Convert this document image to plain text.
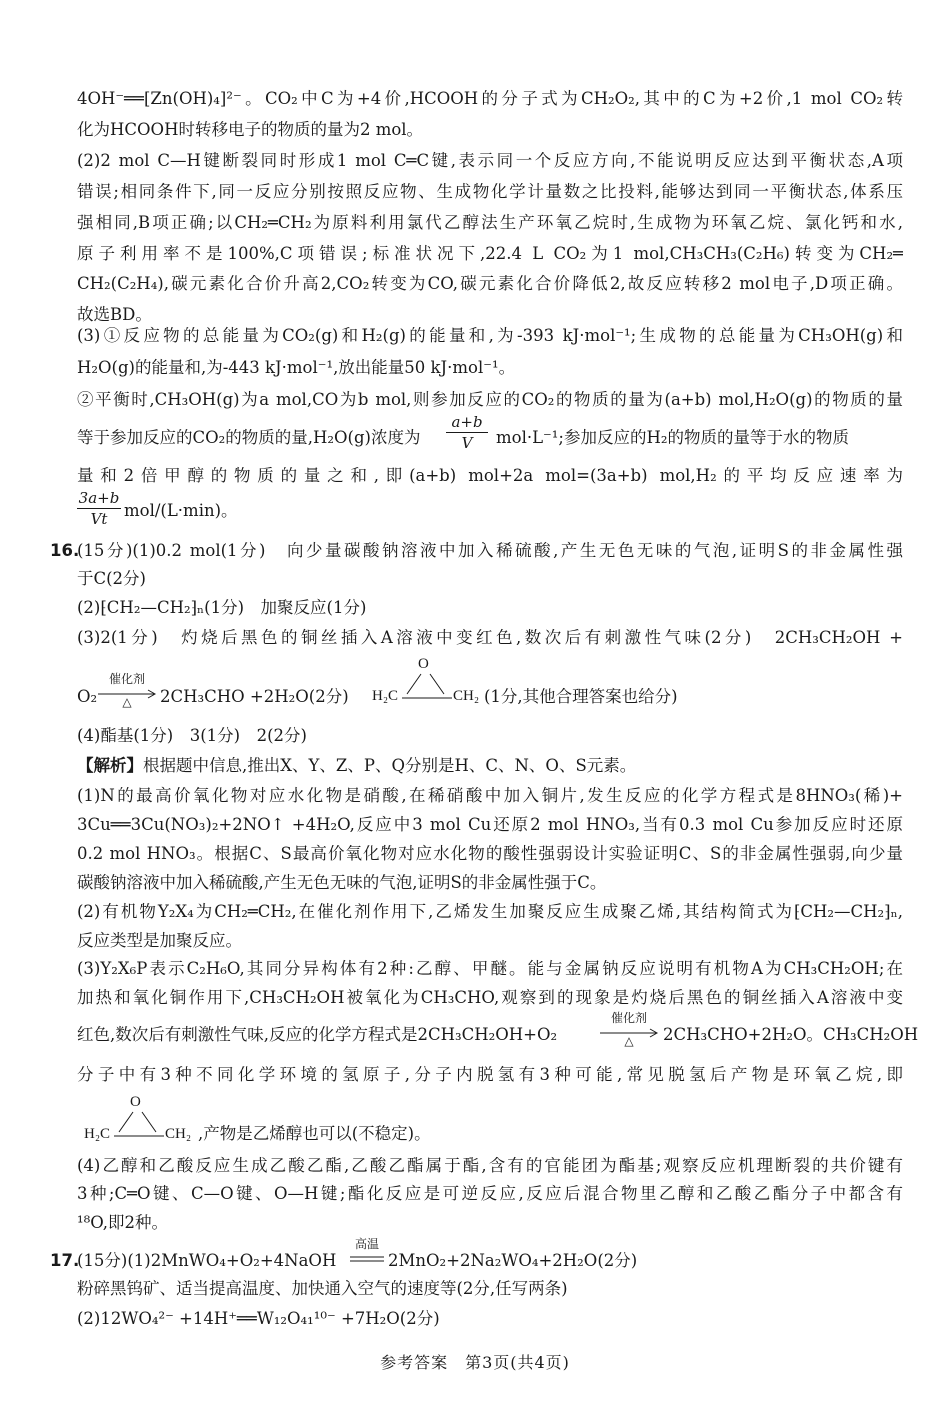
4OH⁻══[Zn(OH)₄]²⁻。CO₂中C为+4价,HCOOH的分子式为CH₂O₂,其中的C为+2价,1 mol CO₂转
化为HCOOH时转移电子的物质的量为2 mol。
(2)2 mol C—H键断裂同时形成1 mol C═C键,表示同一个反应方向,不能说明反应达到平衡状态,A项
错误;相同条件下,同一反应分别按照反应物、生成物化学计量数之比投料,能够达到同一平衡状态,体系压
强相同,B项正确;以CH₂═CH₂为原料利用氯代乙醇法生产环氧乙烷时,生成物为环氧乙烷、氯化钙和水,
原子利用率不是100%,C项错误;标准状况下,22.4 L CO₂为1 mol,CH₃CH₃(C₂H₆)转变为CH₂═
CH₂(C₂H₄),碳元素化合价升高2,CO₂转变为CO,碳元素化合价降低2,故反应转移2 mol电子,D项正确。
故选BD。
(3)①反应物的总能量为CO₂(g)和H₂(g)的能量和,为-393 kJ·mol⁻¹;生成物的总能量为CH₃OH(g)和
H₂O(g)的能量和,为-443 kJ·mol⁻¹,放出能量50 kJ·mol⁻¹。
②平衡时,CH₃OH(g)为a mol,CO为b mol,则参加反应的CO₂的物质的量为(a+b) mol,H₂O(g)的物质的量
等于参加反应的CO₂的物质的量,H₂O(g)浓度为	$\frac{a+b}{V} mol\cdot L^{-1}$;参加反应的H₂的物质的量等于水的物质
量和2倍甲醇的物质的量之和,即(a+b) mol+2a mol=(3a+b) mol,H₂的平均反应速率为
$\frac{3a+b}{Vt} mol/(L\cdot\min)$。
16.
(15分)(1)0.2 mol(1分)　向少量碳酸钠溶液中加入稀硫酸,产生无色无味的气泡,证明S的非金属性强
于C(2分)
(2)⁅CH₂—CH₂⁆ₙ(1分)　加聚反应(1分)
(3)2(1分)　灼烧后黑色的铜丝插入A溶液中变红色,数次后有刺激性气味(2分)　2CH₃CH₂OH +
O₂
催化剂
△	2CH₃CHO +2H₂O(2分)
O
H₂C	CH₂ (1分,其他合理答案也给分)
(4)酯基(1分)　3(1分)　2(2分)
【解析】根据题中信息,推出X、Y、Z、P、Q分别是H、C、N、O、S元素。
(1)N的最高价氧化物对应水化物是硝酸,在稀硝酸中加入铜片,发生反应的化学方程式是8HNO₃(稀)+
3Cu══3Cu(NO₃)₂+2NO↑ +4H₂O,反应中3 mol Cu还原2 mol HNO₃,当有0.3 mol Cu参加反应时还原
0.2 mol HNO₃。根据C、S最高价氧化物对应水化物的酸性强弱设计实验证明C、S的非金属性强弱,向少量
碳酸钠溶液中加入稀硫酸,产生无色无味的气泡,证明S的非金属性强于C。
(2)有机物Y₂X₄为CH₂═CH₂,在催化剂作用下,乙烯发生加聚反应生成聚乙烯,其结构简式为⁅CH₂—CH₂⁆ₙ,
反应类型是加聚反应。
(3)Y₂X₆P表示C₂H₆O,其同分异构体有2种:乙醇、甲醚。能与金属钠反应说明有机物A为CH₃CH₂OH;在
加热和氧化铜作用下,CH₃CH₂OH被氧化为CH₃CHO,观察到的现象是灼烧后黑色的铜丝插入A溶液中变
红色,数次后有刺激性气味,反应的化学方程式是2CH₃CH₂OH+O₂
催化剂
△	2CH₃CHO+2H₂O。CH₃CH₂OH
分子中有3种不同化学环境的氢原子,分子内脱氢有3种可能,常见脱氢后产物是环氧乙烷,即
O
H₂C	CH₂ ,产物是乙烯醇也可以(不稳定)。
(4)乙醇和乙酸反应生成乙酸乙酯,乙酸乙酯属于酯,含有的官能团为酯基;观察反应机理断裂的共价键有
3种;C═O键、C—O键、O—H键;酯化反应是可逆反应,反应后混合物里乙醇和乙酸乙酯分子中都含有
¹⁸O,即2种。
17.
(15分)(1)2MnWO₄+O₂+4NaOH
高温
2MnO₂+2Na₂WO₄+2H₂O(2分)
粉碎黑钨矿、适当提高温度、加快通入空气的速度等(2分,任写两条)
(2)12WO₄²⁻ +14H⁺══W₁₂O₄₁¹⁰⁻ +7H₂O(2分)
参考答案　第3页(共4页)
